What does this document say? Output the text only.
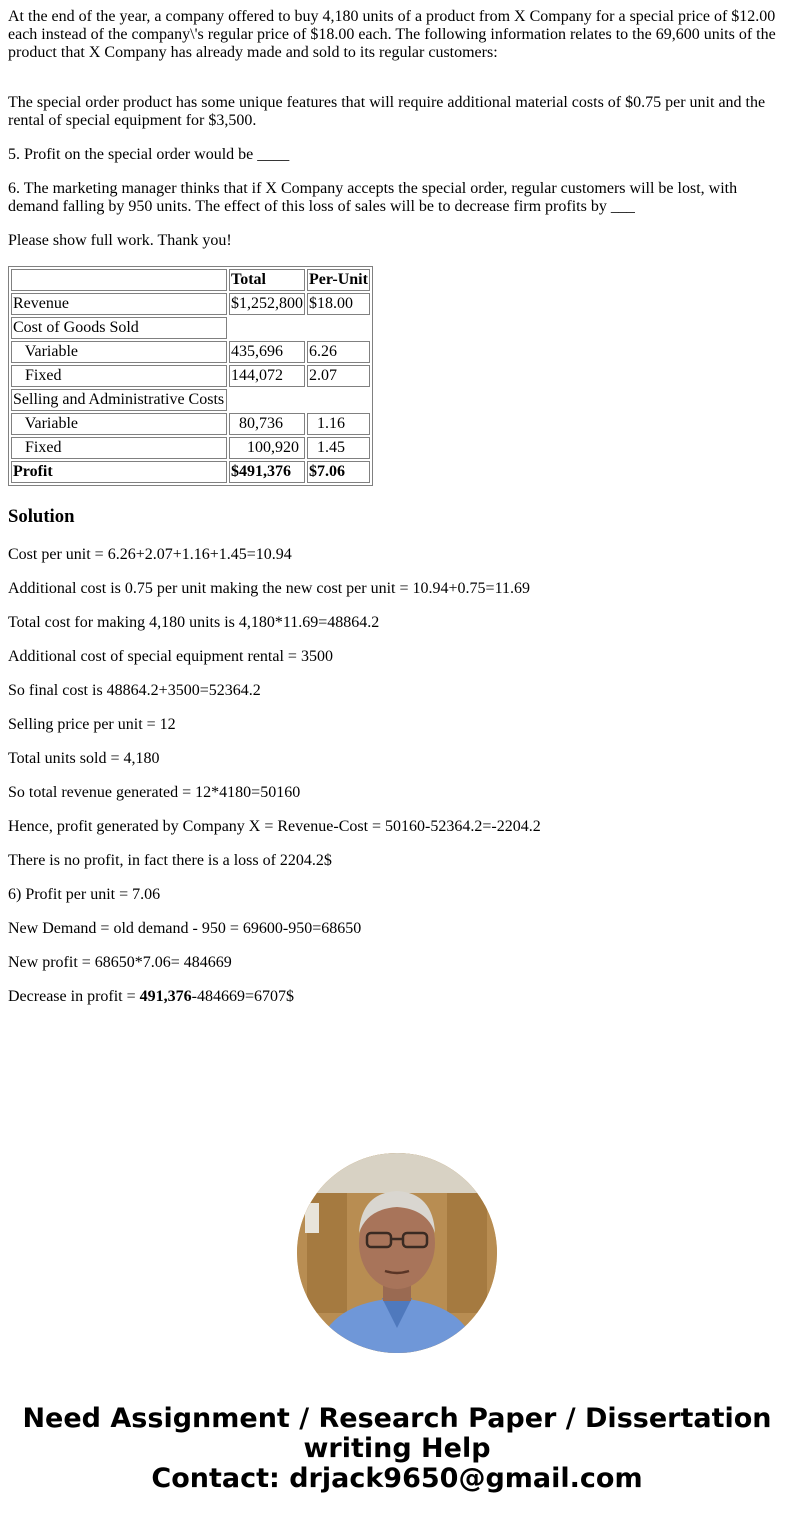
At the end of the year, a company offered to buy 4,180 units of a product from X Company for a special price of $12.00 each instead of the company\'s regular price of $18.00 each. The following information relates to the 69,600 units of the product that X Company has already made and sold to its regular customers:

The special order product has some unique features that will require additional material costs of $0.75 per unit and the rental of special equipment for $3,500.

5. Profit on the special order would be ____

6. The marketing manager thinks that if X Company accepts the special order, regular customers will be lost, with demand falling by 950 units. The effect of this loss of sales will be to decrease firm profits by ___

Please show full work. Thank you!

	Total	Per-Unit
Revenue	$1,252,800	$18.00
Cost of Goods Sold		
Variable	435,696	6.26
Fixed	144,072	2.07
Selling and Administrative Costs		
Variable	80,736	1.16
Fixed	100,920	1.45
Profit	$491,376	$7.06
Solution

Cost per unit = 6.26+2.07+1.16+1.45=10.94

Additional cost is 0.75 per unit making the new cost per unit = 10.94+0.75=11.69

Total cost for making 4,180 units is 4,180*11.69=48864.2

Additional cost of special equipment rental = 3500

So final cost is 48864.2+3500=52364.2

Selling price per unit = 12

Total units sold = 4,180

So total revenue generated = 12*4180=50160

Hence, profit generated by Company X = Revenue-Cost = 50160-52364.2=-2204.2

There is no profit, in fact there is a loss of 2204.2$

6) Profit per unit = 7.06

New Demand = old demand - 950 = 69600-950=68650

New profit = 68650*7.06= 484669

Decrease in profit = 491,376-484669=6707$

Need Assignment / Research Paper / Dissertation
writing Help
Contact: drjack9650@gmail.com
